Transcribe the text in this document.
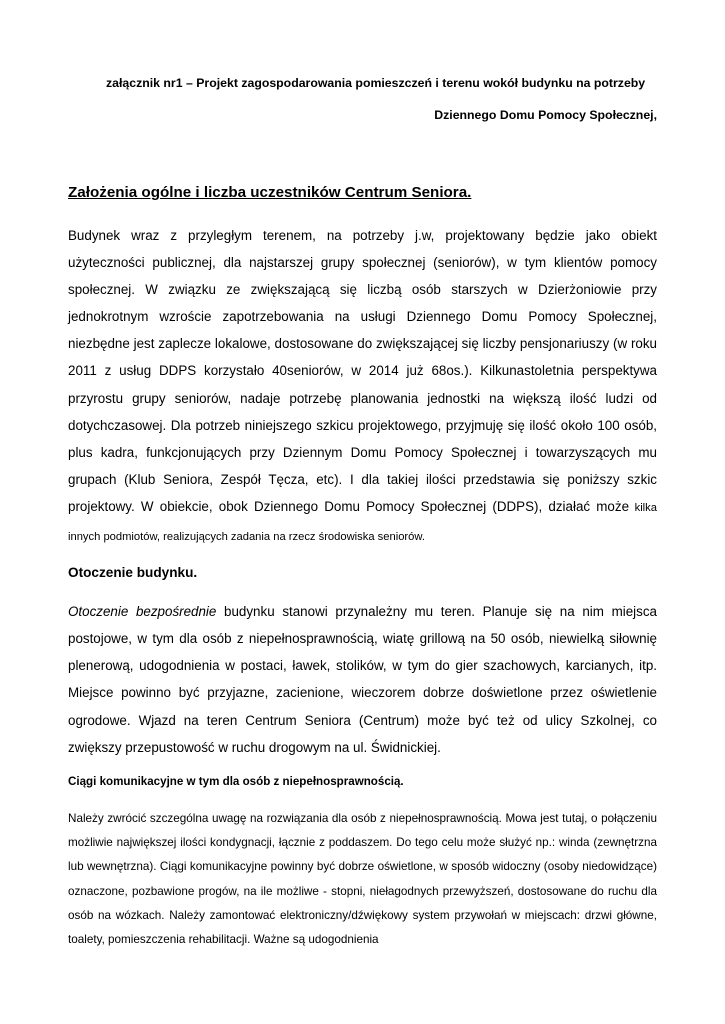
załącznik nr1 – Projekt zagospodarowania pomieszczeń i terenu wokół budynku na potrzeby
Dziennego Domu Pomocy Społecznej,
Założenia ogólne i liczba uczestników Centrum Seniora.

Budynek wraz z przyległym terenem, na potrzeby j.w, projektowany będzie jako obiekt użyteczności publicznej, dla najstarszej grupy społecznej (seniorów), w tym klientów pomocy społecznej. W związku ze zwiększającą się liczbą osób starszych w Dzierżoniowie przy jednokrotnym wzroście zapotrzebowania na usługi Dziennego Domu Pomocy Społecznej, niezbędne jest zaplecze lokalowe, dostosowane do zwiększającej się liczby pensjonariuszy (w roku 2011 z usług DDPS korzystało 40seniorów, w 2014 już 68os.). Kilkunastoletnia perspektywa przyrostu grupy seniorów, nadaje potrzebę planowania jednostki na większą ilość ludzi od dotychczasowej. Dla potrzeb niniejszego szkicu projektowego, przyjmuję się ilość około 100 osób, plus kadra, funkcjonujących przy Dziennym Domu Pomocy Społecznej i towarzyszących mu grupach (Klub Seniora, Zespół Tęcza, etc). I dla takiej ilości przedstawia się poniższy szkic projektowy. W obiekcie, obok Dziennego Domu Pomocy Społecznej (DDPS), działać może kilka innych podmiotów, realizujących zadania na rzecz środowiska seniorów.

Otoczenie budynku.

Otoczenie bezpośrednie budynku stanowi przynależny mu teren. Planuje się na nim miejsca postojowe, w tym dla osób z niepełnosprawnością, wiatę grillową na 50 osób, niewielką siłownię plenerową, udogodnienia w postaci, ławek, stolików, w tym do gier szachowych, karcianych, itp. Miejsce powinno być przyjazne, zacienione, wieczorem dobrze doświetlone przez oświetlenie ogrodowe. Wjazd na teren Centrum Seniora (Centrum) może być też od ulicy Szkolnej, co zwiększy przepustowość w ruchu drogowym na ul. Świdnickiej.

Ciągi komunikacyjne w tym dla osób z niepełnosprawnością.

Należy zwrócić szczególna uwagę na rozwiązania dla osób z niepełnosprawnością. Mowa jest tutaj, o połączeniu możliwie największej ilości kondygnacji, łącznie z poddaszem. Do tego celu może służyć np.: winda (zewnętrzna lub wewnętrzna). Ciągi komunikacyjne powinny być dobrze oświetlone, w sposób widoczny (osoby niedowidzące) oznaczone, pozbawione progów, na ile możliwe - stopni, niełagodnych przewyższeń, dostosowane do ruchu dla osób na wózkach. Należy zamontować elektroniczny/dźwiękowy system przywołań w miejscach: drzwi główne, toalety, pomieszczenia rehabilitacji. Ważne są udogodnienia
